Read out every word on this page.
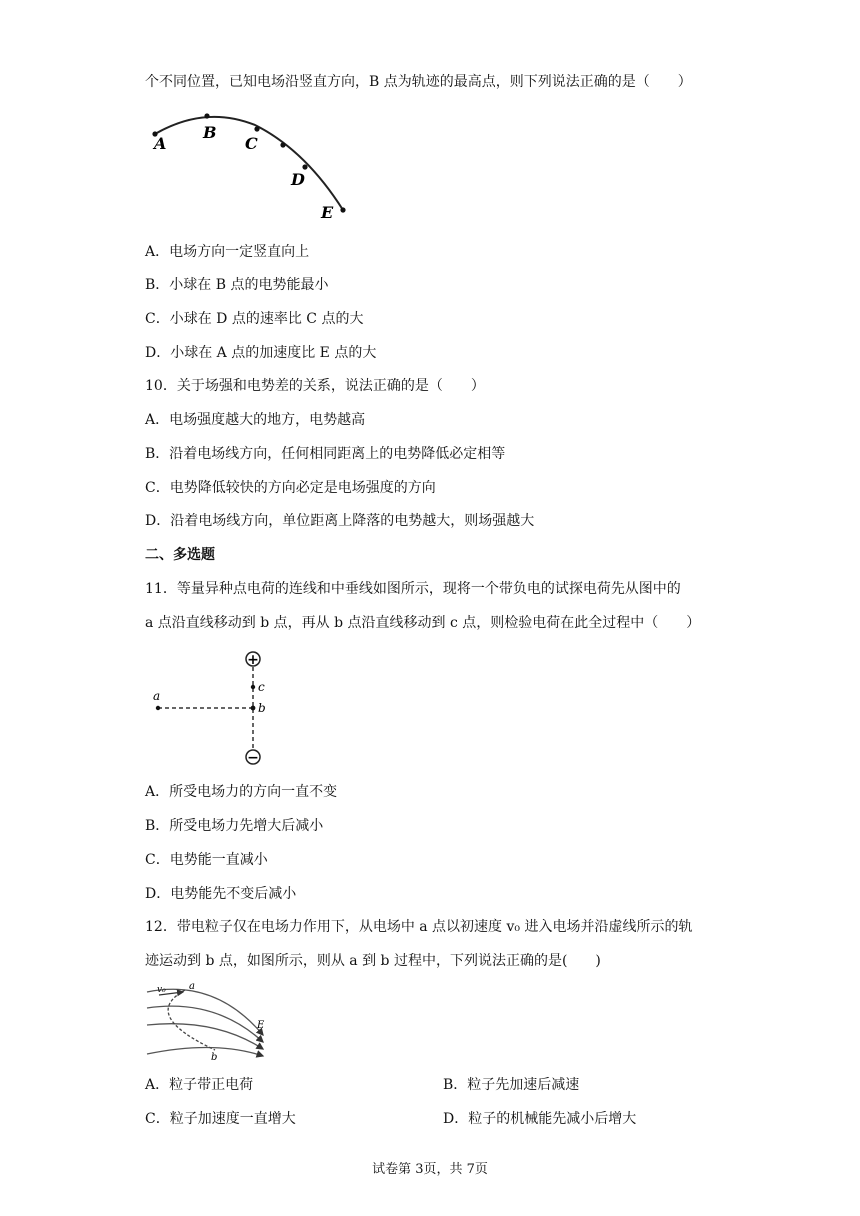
个不同位置，已知电场沿竖直方向，B 点为轨迹的最高点，则下列说法正确的是（　　）
A
B
C
D
E
A．电场方向一定竖直向上
B．小球在 B 点的电势能最小
C．小球在 D 点的速率比 C 点的大
D．小球在 A 点的加速度比 E 点的大
10．关于场强和电势差的关系，说法正确的是（　　）
A．电场强度越大的地方，电势越高
B．沿着电场线方向，任何相同距离上的电势降低必定相等
C．电势降低较快的方向必定是电场强度的方向
D．沿着电场线方向，单位距离上降落的电势越大，则场强越大
二、多选题
11．等量异种点电荷的连线和中垂线如图所示，现将一个带负电的试探电荷先从图中的
a 点沿直线移动到 b 点，再从 b 点沿直线移动到 c 点，则检验电荷在此全过程中（　　）
+
−
a
c
b
A．所受电场力的方向一直不变
B．所受电场力先增大后减小
C．电势能一直减小
D．电势能先不变后减小
12．带电粒子仅在电场力作用下，从电场中 a 点以初速度 v₀ 进入电场并沿虚线所示的轨
迹运动到 b 点，如图所示，则从 a 到 b 过程中，下列说法正确的是(　　)
v₀ a
E
b
A．粒子带正电荷	B．粒子先加速后减速
C．粒子加速度一直增大	D．粒子的机械能先减小后增大
试卷第 3页，共 7页
